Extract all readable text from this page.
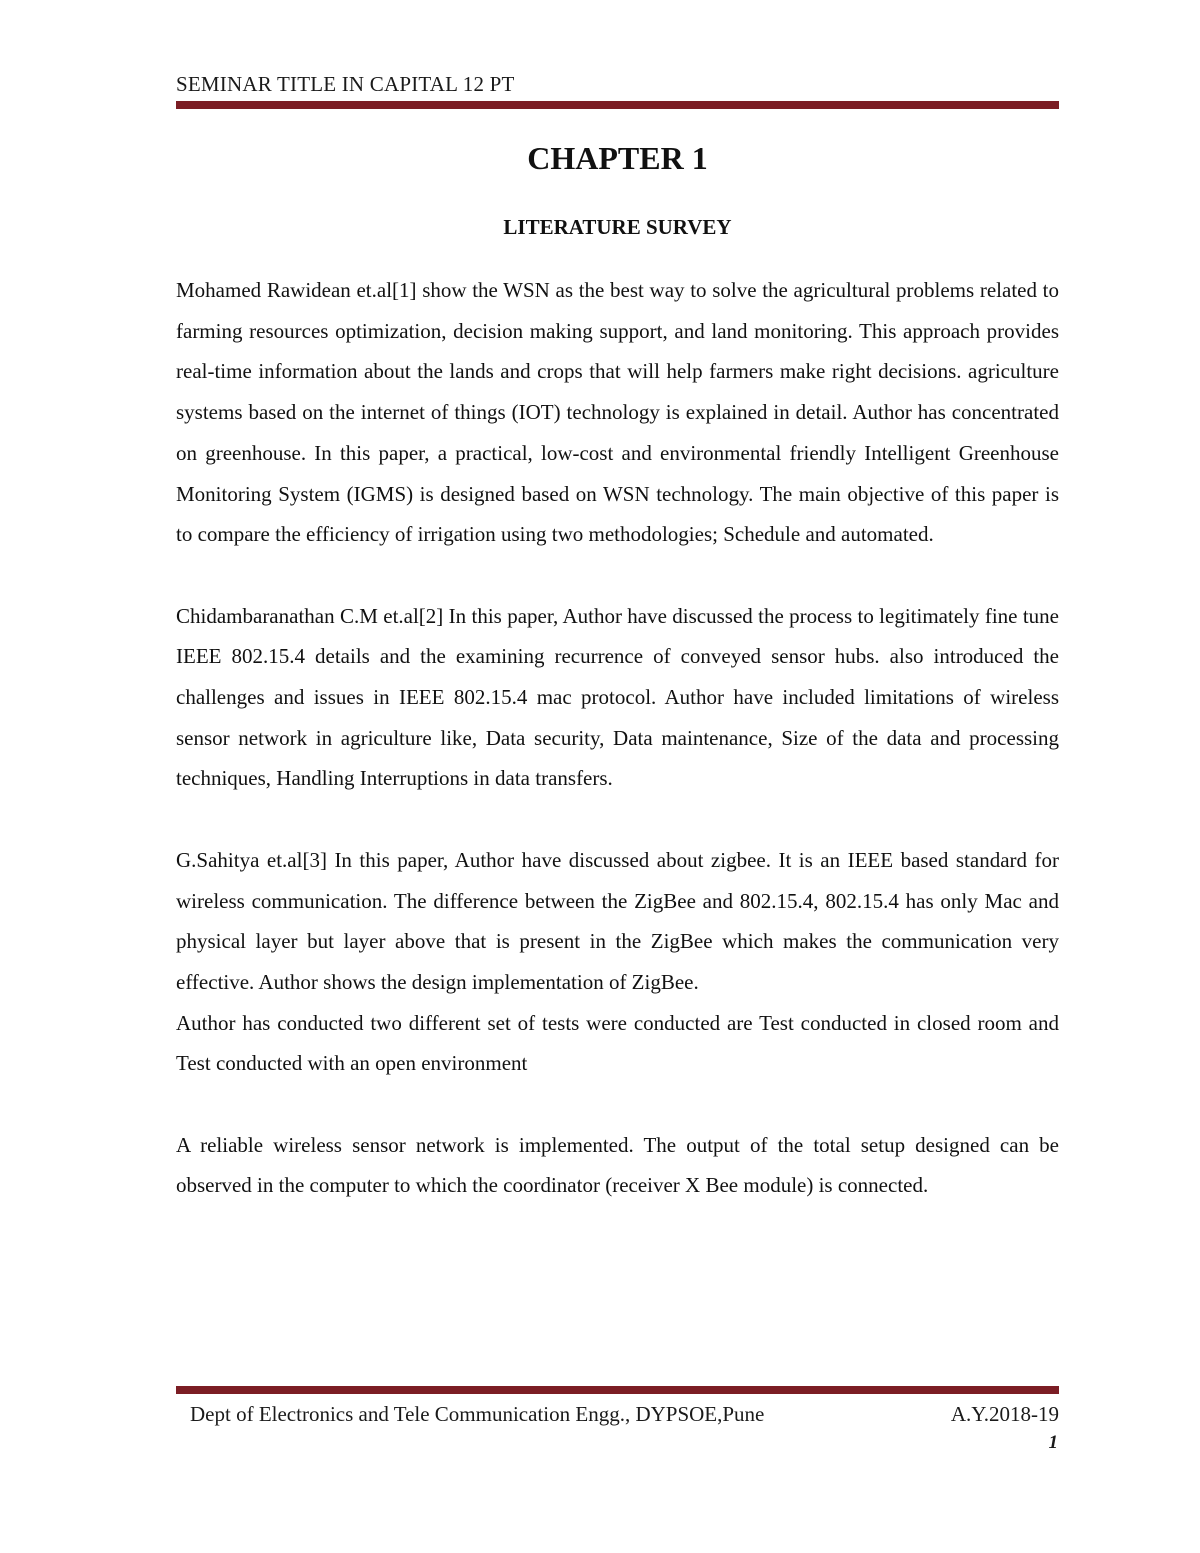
SEMINAR TITLE IN CAPITAL 12 PT
CHAPTER 1
LITERATURE SURVEY

Mohamed Rawidean et.al[1] show the WSN as the best way to solve the agricultural problems related to farming resources optimization, decision making support, and land monitoring. This approach provides real-time information about the lands and crops that will help farmers make right decisions. agriculture systems based on the internet of things (IOT) technology is explained in detail. Author has concentrated on greenhouse. In this paper, a practical, low-cost and environmental friendly Intelligent Greenhouse Monitoring System (IGMS) is designed based on WSN technology. The main objective of this paper is to compare the efficiency of irrigation using two methodologies; Schedule and automated.

Chidambaranathan C.M et.al[2] In this paper, Author have discussed the process to legitimately fine tune IEEE 802.15.4 details and the examining recurrence of conveyed sensor hubs. also introduced the challenges and issues in IEEE 802.15.4 mac protocol. Author have included limitations of wireless sensor network in agriculture like, Data security, Data maintenance, Size of the data and processing techniques, Handling Interruptions in data transfers.

G.Sahitya et.al[3] In this paper, Author have discussed about zigbee. It is an IEEE based standard for wireless communication. The difference between the ZigBee and 802.15.4, 802.15.4 has only Mac and physical layer but layer above that is present in the ZigBee which makes the communication very effective. Author shows the design implementation of ZigBee.

Author has conducted two different set of tests were conducted are Test conducted in closed room and Test conducted with an open environment

A reliable wireless sensor network is implemented. The output of the total setup designed can be observed in the computer to which the coordinator (receiver X Bee module) is connected.

Dept of Electronics and Tele Communication Engg., DYPSOE,Pune	A.Y.2018-19
1
